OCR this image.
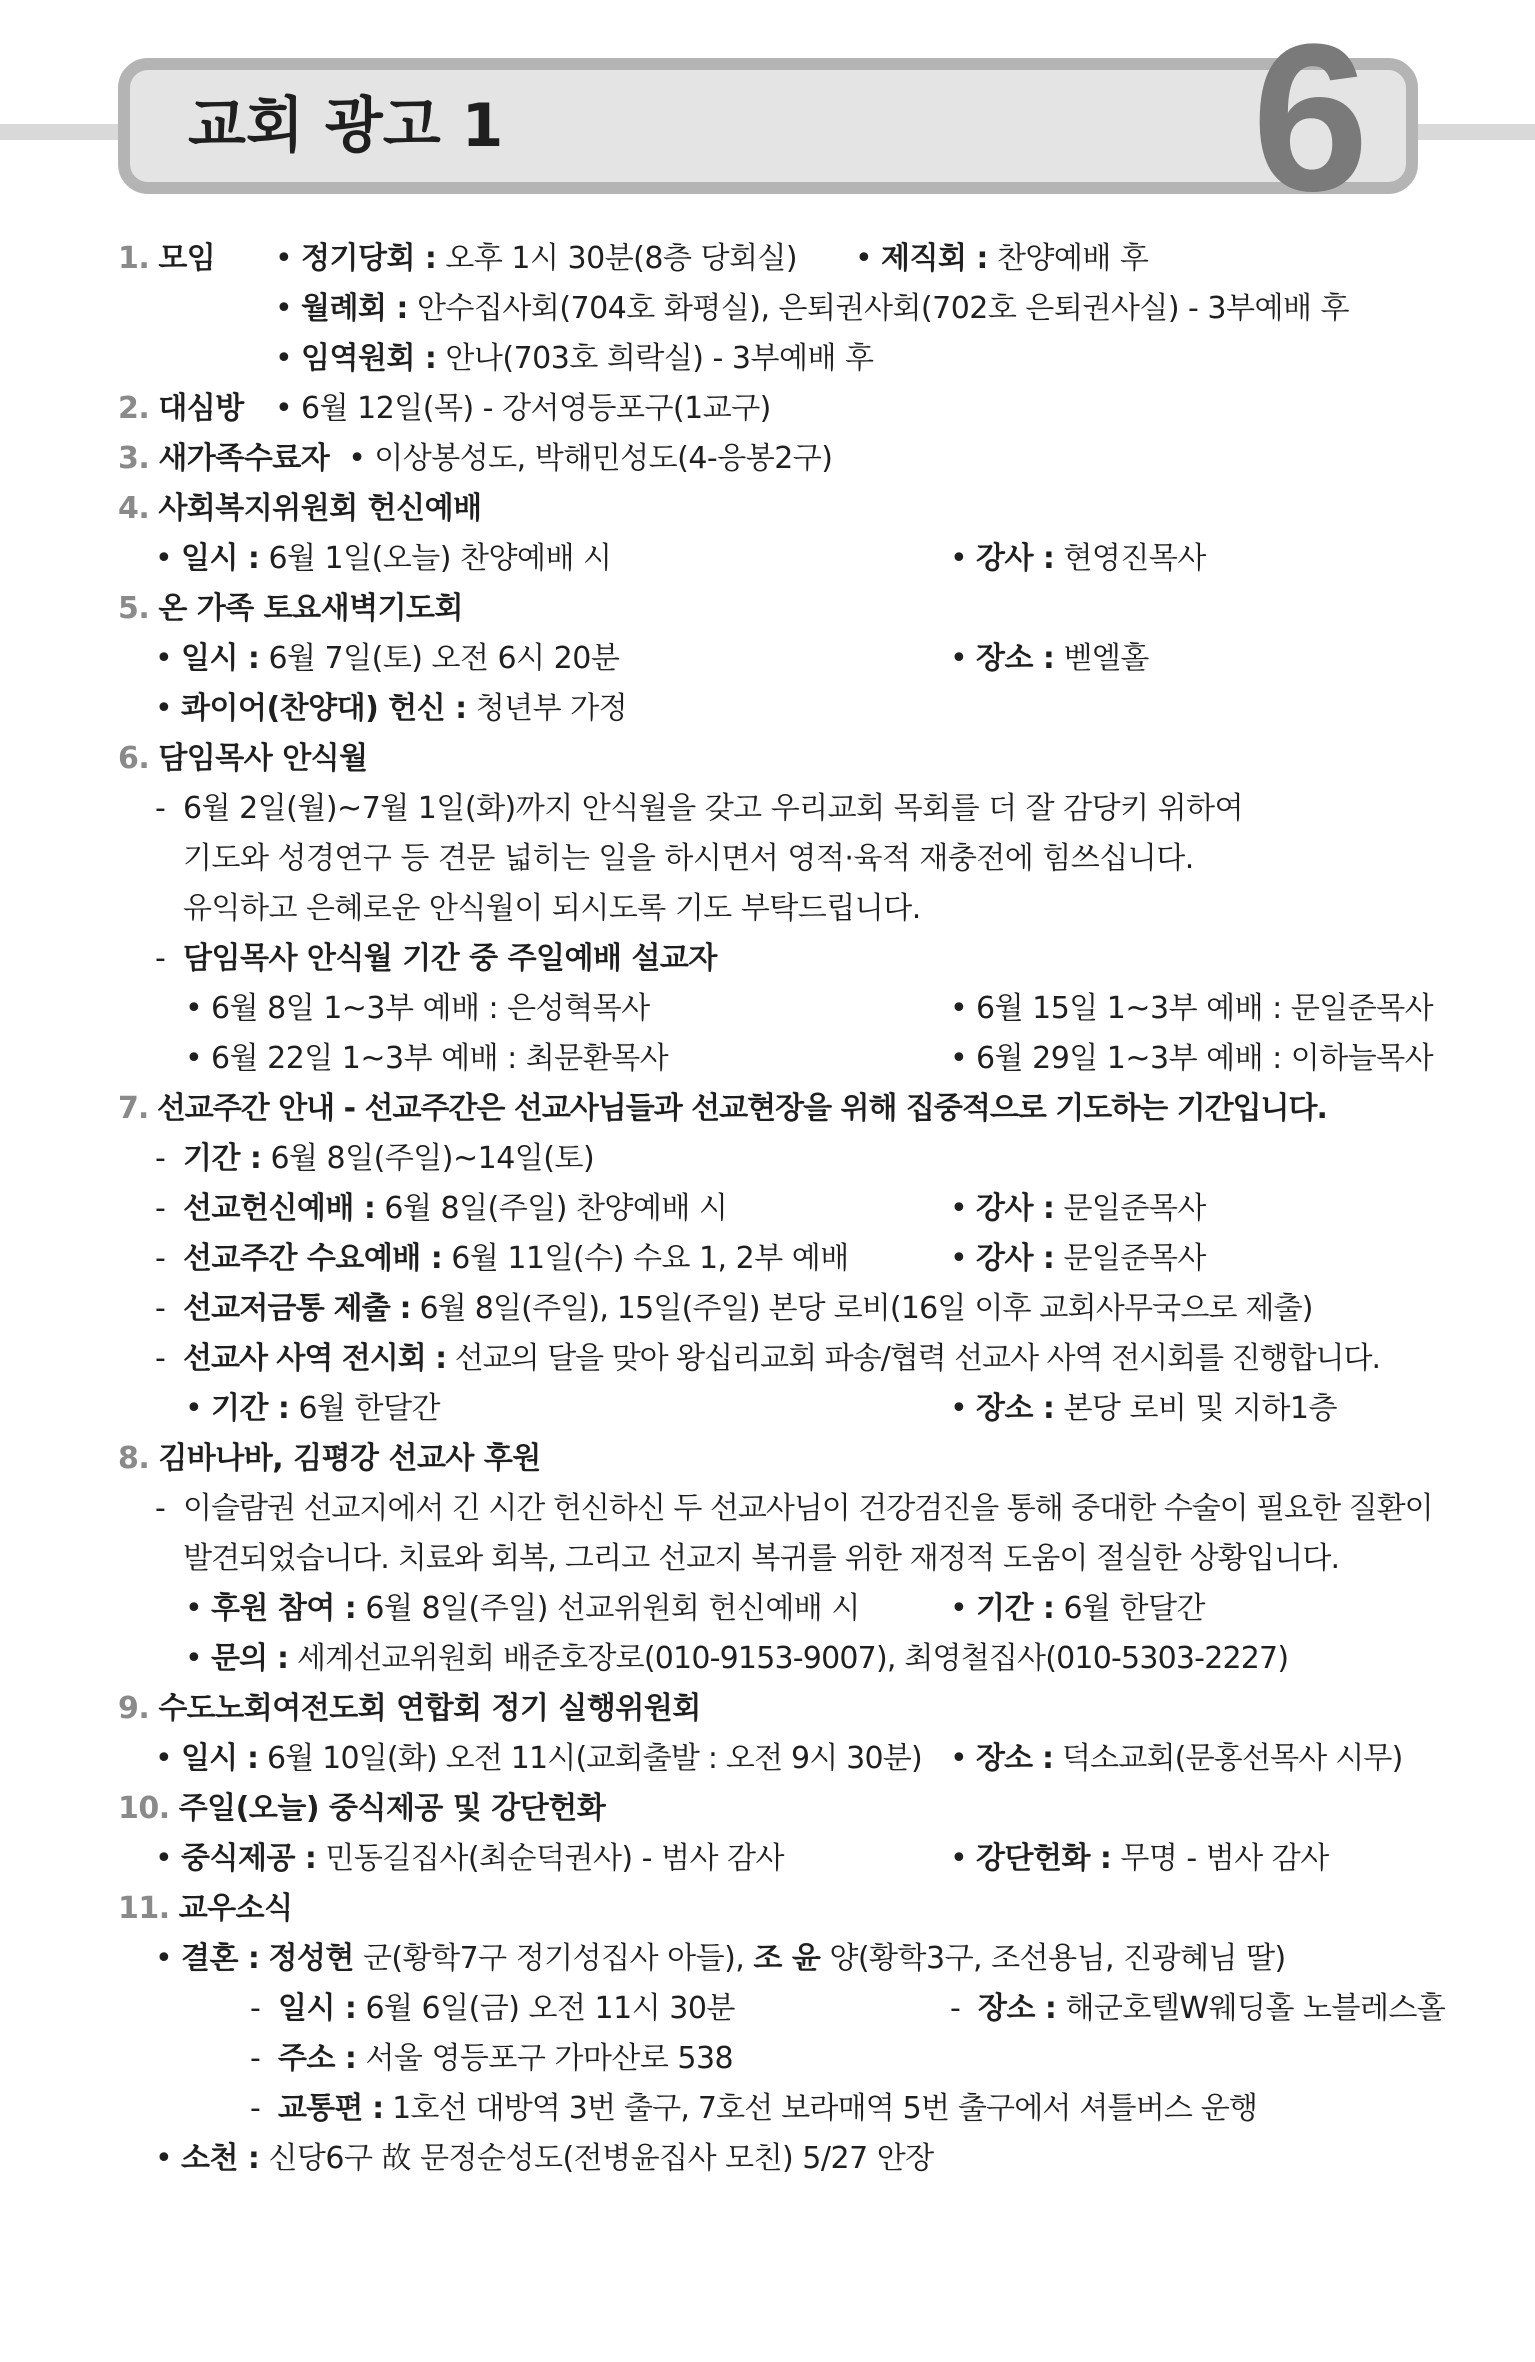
교회 광고 1	6
1. 모임 • 정기당회 : 오후 1시 30분(8층 당회실) • 제직회 : 찬양예배 후
• 월례회 : 안수집사회(704호 화평실), 은퇴권사회(702호 은퇴권사실) - 3부예배 후
• 임역원회 : 안나(703호 희락실) - 3부예배 후
2. 대심방 • 6월 12일(목) - 강서영등포구(1교구)
3. 새가족수료자 • 이상봉성도, 박해민성도(4-응봉2구)
4. 사회복지위원회 헌신예배
• 일시 : 6월 1일(오늘) 찬양예배 시	• 강사 : 현영진목사
5. 온 가족 토요새벽기도회
• 일시 : 6월 7일(토) 오전 6시 20분	• 장소 : 벧엘홀
• 콰이어(찬양대) 헌신 : 청년부 가정
6. 담임목사 안식월
- 6월 2일(월)~7월 1일(화)까지 안식월을 갖고 우리교회 목회를 더 잘 감당키 위하여
기도와 성경연구 등 견문 넓히는 일을 하시면서 영적·육적 재충전에 힘쓰십니다.
유익하고 은혜로운 안식월이 되시도록 기도 부탁드립니다.
- 담임목사 안식월 기간 중 주일예배 설교자
• 6월 8일 1~3부 예배 : 은성혁목사	• 6월 15일 1~3부 예배 : 문일준목사
• 6월 22일 1~3부 예배 : 최문환목사	• 6월 29일 1~3부 예배 : 이하늘목사
7. 선교주간 안내 - 선교주간은 선교사님들과 선교현장을 위해 집중적으로 기도하는 기간입니다.
- 기간 : 6월 8일(주일)~14일(토)
- 선교헌신예배 : 6월 8일(주일) 찬양예배 시	• 강사 : 문일준목사
- 선교주간 수요예배 : 6월 11일(수) 수요 1, 2부 예배	• 강사 : 문일준목사
- 선교저금통 제출 : 6월 8일(주일), 15일(주일) 본당 로비(16일 이후 교회사무국으로 제출)
- 선교사 사역 전시회 : 선교의 달을 맞아 왕십리교회 파송/협력 선교사 사역 전시회를 진행합니다.
• 기간 : 6월 한달간	• 장소 : 본당 로비 및 지하1층
8. 김바나바, 김평강 선교사 후원
- 이슬람권 선교지에서 긴 시간 헌신하신 두 선교사님이 건강검진을 통해 중대한 수술이 필요한 질환이
발견되었습니다. 치료와 회복, 그리고 선교지 복귀를 위한 재정적 도움이 절실한 상황입니다.
• 후원 참여 : 6월 8일(주일) 선교위원회 헌신예배 시	• 기간 : 6월 한달간
• 문의 : 세계선교위원회 배준호장로(010-9153-9007), 최영철집사(010-5303-2227)
9. 수도노회여전도회 연합회 정기 실행위원회
• 일시 : 6월 10일(화) 오전 11시(교회출발 : 오전 9시 30분) • 장소 : 덕소교회(문홍선목사 시무)
10. 주일(오늘) 중식제공 및 강단헌화
• 중식제공 : 민동길집사(최순덕권사) - 범사 감사	• 강단헌화 : 무명 - 범사 감사
11. 교우소식
• 결혼 : 정성현 군(황학7구 정기성집사 아들), 조 윤 양(황학3구, 조선용님, 진광혜님 딸)
- 일시 : 6월 6일(금) 오전 11시 30분	- 장소 : 해군호텔W웨딩홀 노블레스홀
- 주소 : 서울 영등포구 가마산로 538
- 교통편 : 1호선 대방역 3번 출구, 7호선 보라매역 5번 출구에서 셔틀버스 운행
• 소천 : 신당6구 故 문정순성도(전병윤집사 모친) 5/27 안장
